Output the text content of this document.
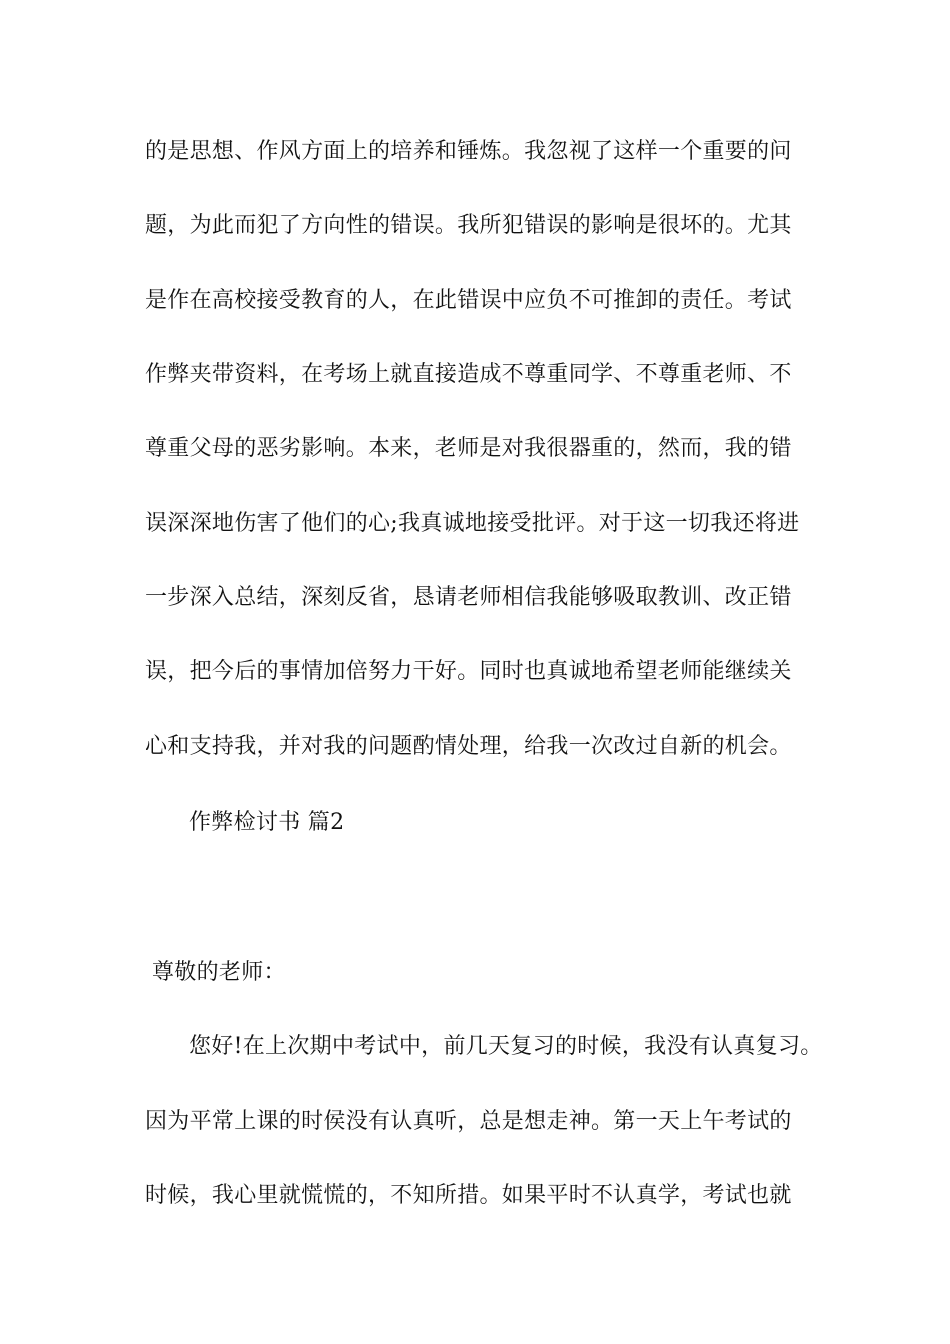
的是思想、作风方面上的培养和锤炼。我忽视了这样一个重要的问
题，为此而犯了方向性的错误。我所犯错误的影响是很坏的。尤其
是作在高校接受教育的人，在此错误中应负不可推卸的责任。考试
作弊夹带资料，在考场上就直接造成不尊重同学、不尊重老师、不
尊重父母的恶劣影响。本来，老师是对我很器重的，然而，我的错
误深深地伤害了他们的心;我真诚地接受批评。对于这一切我还将进
一步深入总结，深刻反省，恳请老师相信我能够吸取教训、改正错
误，把今后的事情加倍努力干好。同时也真诚地希望老师能继续关
心和支持我，并对我的问题酌情处理，给我一次改过自新的机会。
作弊检讨书 篇2
尊敬的老师：
您好!在上次期中考试中，前几天复习的时候，我没有认真复习。
因为平常上课的时侯没有认真听，总是想走神。第一天上午考试的
时候，我心里就慌慌的，不知所措。如果平时不认真学，考试也就
